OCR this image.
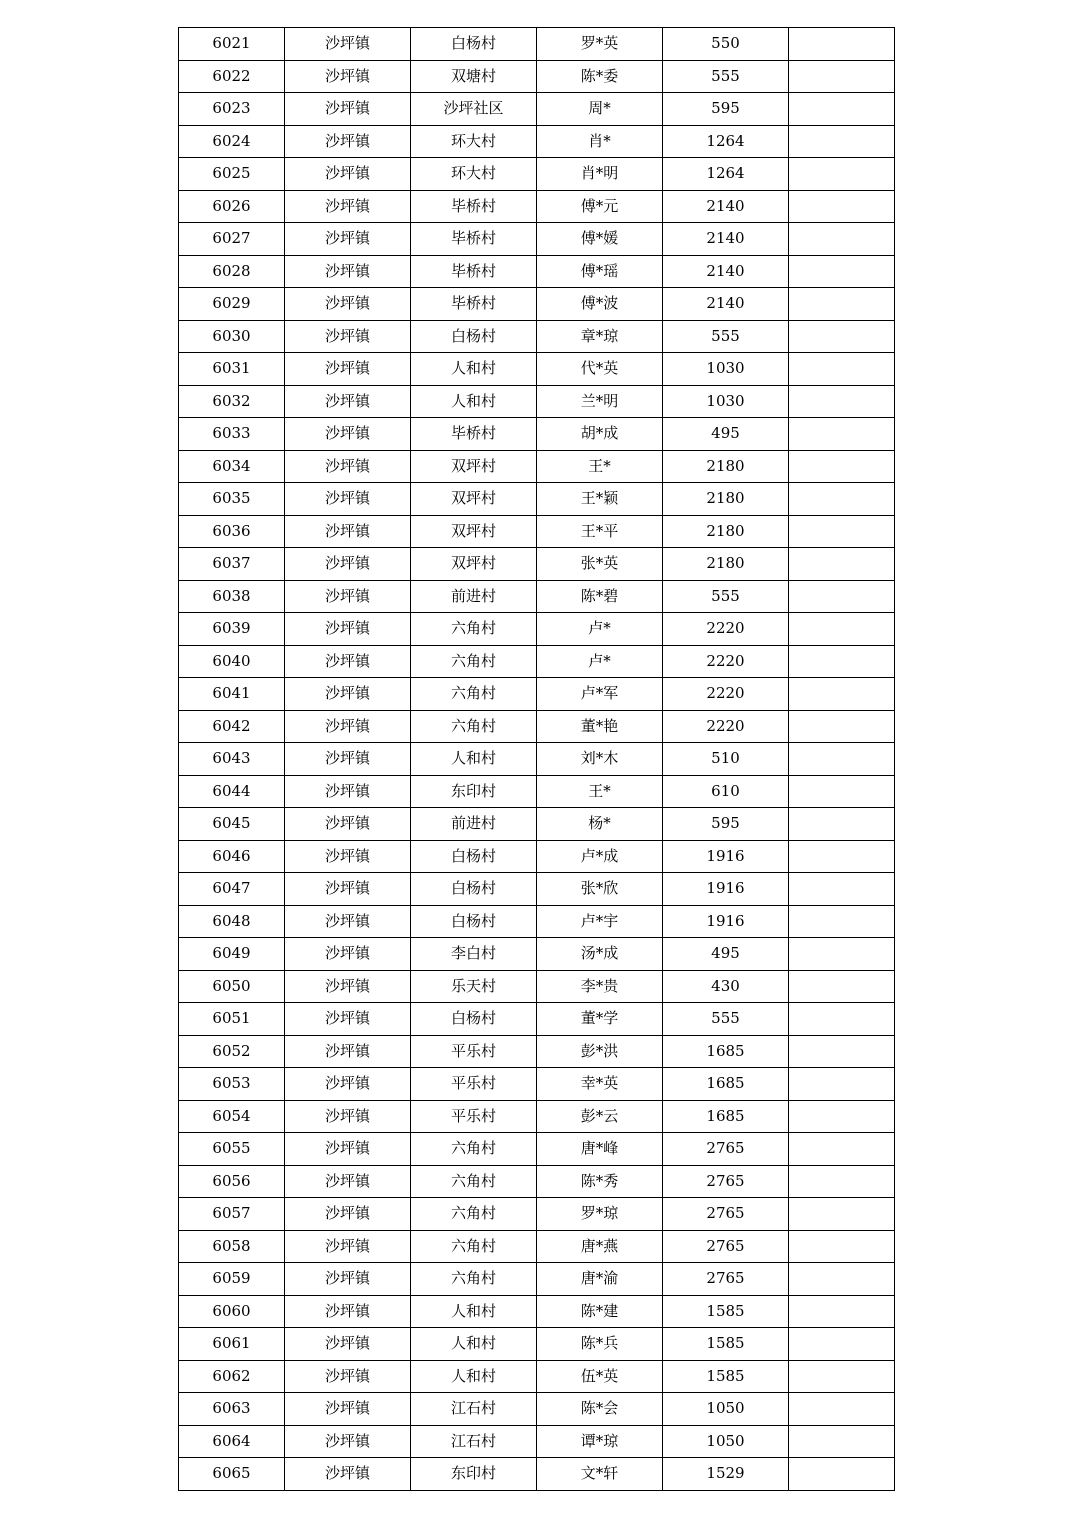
6021	沙坪镇	白杨村	罗*英	550	
6022	沙坪镇	双塘村	陈*委	555	
6023	沙坪镇	沙坪社区	周*	595	
6024	沙坪镇	环大村	肖*	1264	
6025	沙坪镇	环大村	肖*明	1264	
6026	沙坪镇	毕桥村	傅*元	2140	
6027	沙坪镇	毕桥村	傅*媛	2140	
6028	沙坪镇	毕桥村	傅*瑶	2140	
6029	沙坪镇	毕桥村	傅*波	2140	
6030	沙坪镇	白杨村	章*琼	555	
6031	沙坪镇	人和村	代*英	1030	
6032	沙坪镇	人和村	兰*明	1030	
6033	沙坪镇	毕桥村	胡*成	495	
6034	沙坪镇	双坪村	王*	2180	
6035	沙坪镇	双坪村	王*颖	2180	
6036	沙坪镇	双坪村	王*平	2180	
6037	沙坪镇	双坪村	张*英	2180	
6038	沙坪镇	前进村	陈*碧	555	
6039	沙坪镇	六角村	卢*	2220	
6040	沙坪镇	六角村	卢*	2220	
6041	沙坪镇	六角村	卢*军	2220	
6042	沙坪镇	六角村	董*艳	2220	
6043	沙坪镇	人和村	刘*木	510	
6044	沙坪镇	东印村	王*	610	
6045	沙坪镇	前进村	杨*	595	
6046	沙坪镇	白杨村	卢*成	1916	
6047	沙坪镇	白杨村	张*欣	1916	
6048	沙坪镇	白杨村	卢*宇	1916	
6049	沙坪镇	李白村	汤*成	495	
6050	沙坪镇	乐天村	李*贵	430	
6051	沙坪镇	白杨村	董*学	555	
6052	沙坪镇	平乐村	彭*洪	1685	
6053	沙坪镇	平乐村	幸*英	1685	
6054	沙坪镇	平乐村	彭*云	1685	
6055	沙坪镇	六角村	唐*峰	2765	
6056	沙坪镇	六角村	陈*秀	2765	
6057	沙坪镇	六角村	罗*琼	2765	
6058	沙坪镇	六角村	唐*燕	2765	
6059	沙坪镇	六角村	唐*渝	2765	
6060	沙坪镇	人和村	陈*建	1585	
6061	沙坪镇	人和村	陈*兵	1585	
6062	沙坪镇	人和村	伍*英	1585	
6063	沙坪镇	江石村	陈*会	1050	
6064	沙坪镇	江石村	谭*琼	1050	
6065	沙坪镇	东印村	文*轩	1529	
